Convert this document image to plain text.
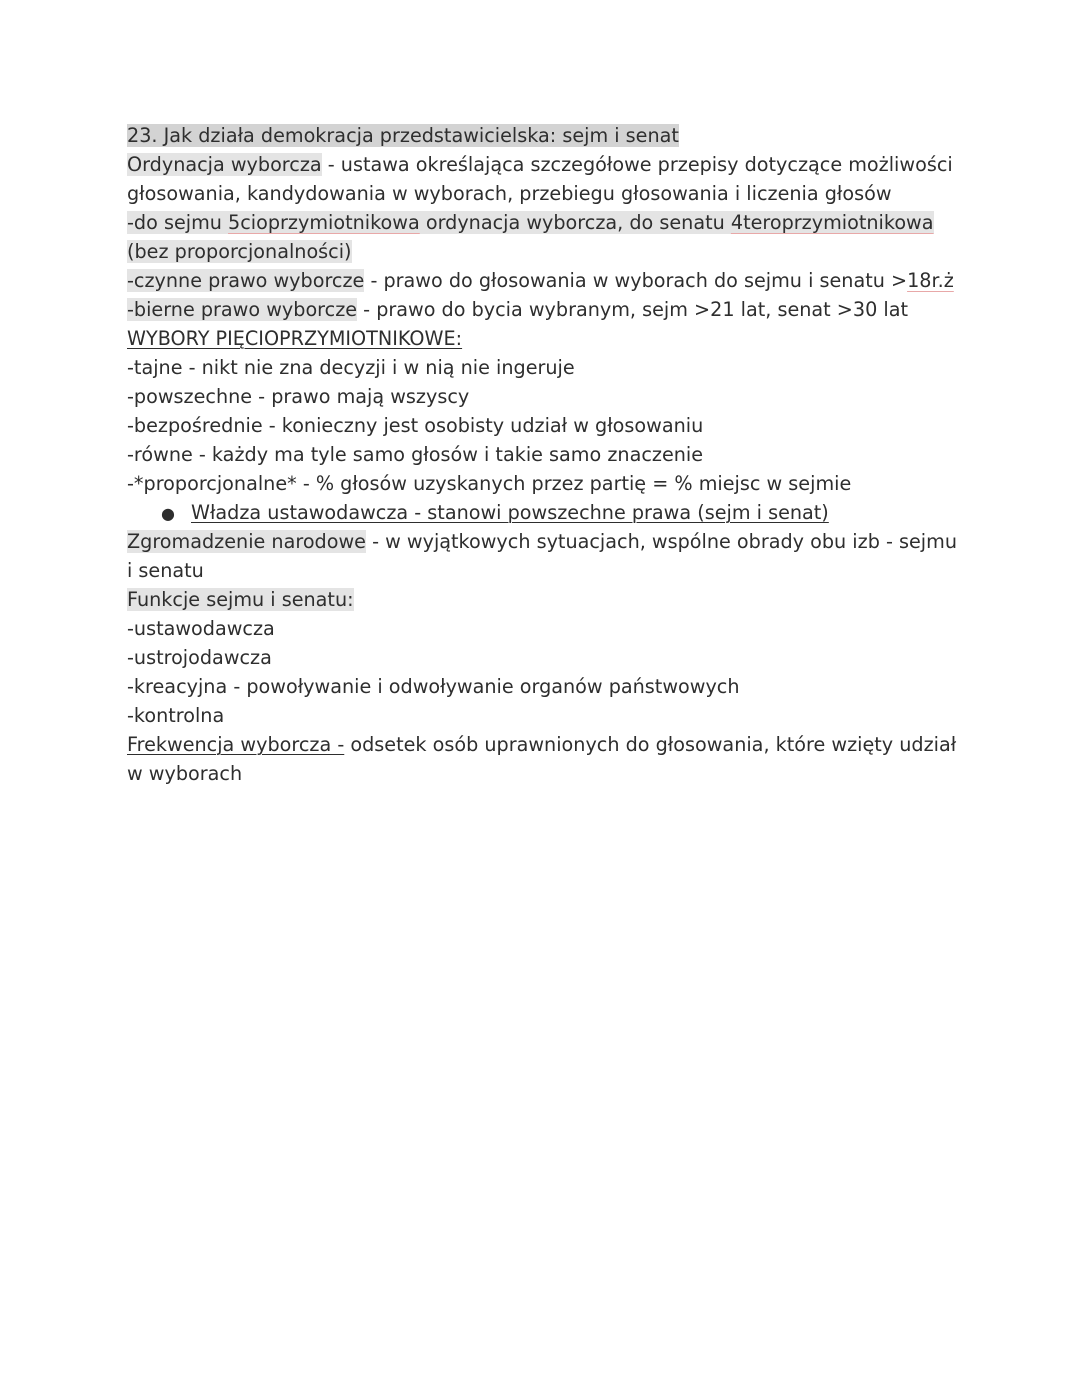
23. Jak działa demokracja przedstawicielska: sejm i senat
Ordynacja wyborcza - ustawa określająca szczegółowe przepisy dotyczące możliwości
głosowania, kandydowania w wyborach, przebiegu głosowania i liczenia głosów
-do sejmu 5cioprzymiotnikowa ordynacja wyborcza, do senatu 4teroprzymiotnikowa
(bez proporcjonalności)
-czynne prawo wyborcze - prawo do głosowania w wyborach do sejmu i senatu >18r.ż
-bierne prawo wyborcze - prawo do bycia wybranym, sejm >21 lat, senat >30 lat
WYBORY PIĘCIOPRZYMIOTNIKOWE:
-tajne - nikt nie zna decyzji i w nią nie ingeruje
-powszechne - prawo mają wszyscy
-bezpośrednie - konieczny jest osobisty udział w głosowaniu
-równe - każdy ma tyle samo głosów i takie samo znaczenie
-*proporcjonalne* - % głosów uzyskanych przez partię = % miejsc w sejmie
● Władza ustawodawcza - stanowi powszechne prawa (sejm i senat)
Zgromadzenie narodowe - w wyjątkowych sytuacjach, wspólne obrady obu izb - sejmu
i senatu
Funkcje sejmu i senatu:
-ustawodawcza
-ustrojodawcza
-kreacyjna - powoływanie i odwoływanie organów państwowych
-kontrolna
Frekwencja wyborcza - odsetek osób uprawnionych do głosowania, które wzięty udział
w wyborach
